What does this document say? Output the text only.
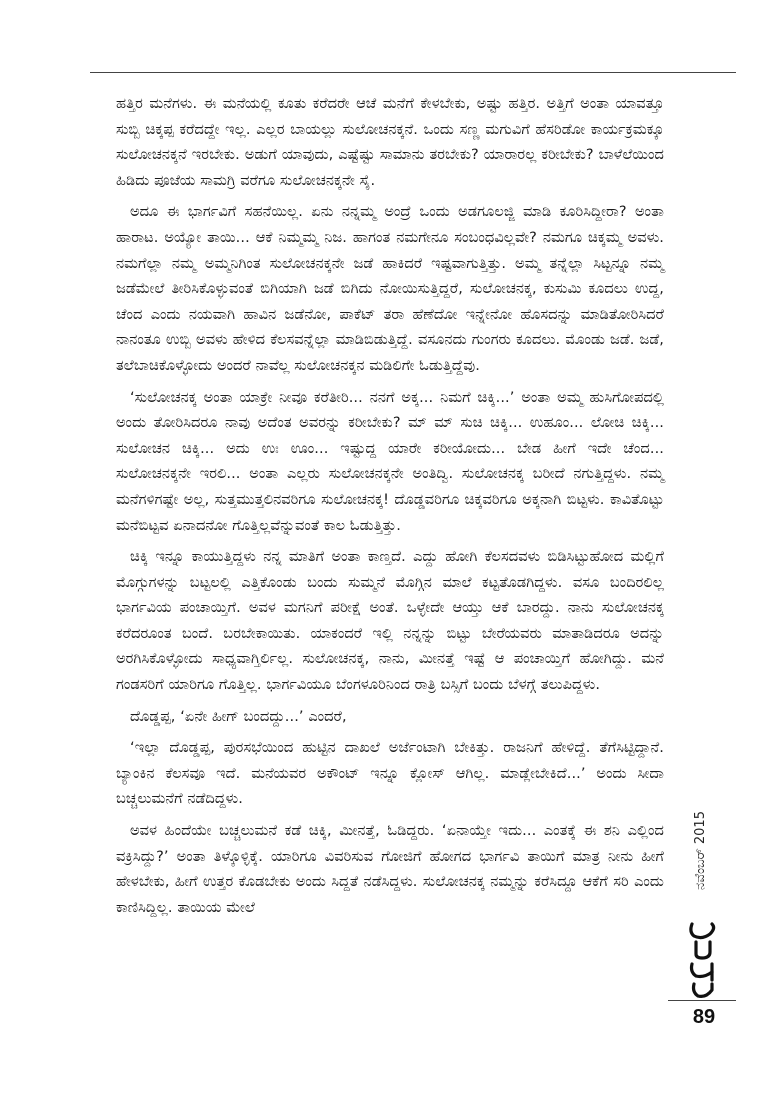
ಹತ್ತಿರ ಮನೆಗಳು. ಈ ಮನೆಯಲ್ಲಿ ಕೂತು ಕರೆದರೇ ಆಚೆ ಮನೆಗೆ ಕೇಳಬೇಕು, ಅಷ್ಟು ಹತ್ತಿರ. ಅತ್ತಿಗೆ ಅಂತಾ ಯಾವತ್ತೂ ಸುಬ್ಬಿ ಚಿಕ್ಕಪ್ಪ ಕರೆದದ್ದೇ ಇಲ್ಲ. ಎಲ್ಲರ ಬಾಯಲ್ಲು ಸುಲೋಚನಕ್ಕನೆ. ಒಂದು ಸಣ್ಣ ಮಗುವಿಗೆ ಹೆಸರಿಡೋ ಕಾರ್ಯಕ್ರಮಕ್ಕೂ ಸುಲೋಚನಕ್ಕನೆ ಇರಬೇಕು. ಅಡುಗೆ ಯಾವುದು, ಎಷ್ಟೆಷ್ಟು ಸಾಮಾನು ತರಬೇಕು? ಯಾರಾರಲ್ಲ ಕರೀಬೇಕು? ಬಾಳೆಲೆಯಿಂದ ಹಿಡಿದು ಪೂಜೆಯ ಸಾಮಗ್ರಿ ವರೆಗೂ ಸುಲೋಚನಕ್ಕನೇ ಸೈ.

ಅದೂ ಈ ಭಾರ್ಗವಿಗೆ ಸಹನೆಯಿಲ್ಲ. ಏನು ನನ್ನಮ್ಮ ಅಂದ್ರೆ ಒಂದು ಅಡಗೂಲಜ್ಜಿ ಮಾಡಿ ಕೂರಿಸಿದ್ದೀರಾ? ಅಂತಾ ಹಾರಾಟ. ಅಯ್ಯೋ ತಾಯಿ... ಆಕೆ ನಿಮ್ಮಮ್ಮ ನಿಜ. ಹಾಗಂತ ನಮಗೇನೂ ಸಂಬಂಧವಿಲ್ಲವೇ? ನಮಗೂ ಚಿಕ್ಕಮ್ಮ ಅವಳು. ನಮಗೆಲ್ಲಾ ನಮ್ಮ ಅಮ್ಮನಿಗಿಂತ ಸುಲೋಚನಕ್ಕನೇ ಜಡೆ ಹಾಕಿದರೆ ಇಷ್ಟವಾಗುತ್ತಿತ್ತು. ಅಮ್ಮ ತನ್ನೆಲ್ಲಾ ಸಿಟ್ಟನ್ನೂ ನಮ್ಮ ಜಡೆಮೇಲೆ ತೀರಿಸಿಕೊಳ್ಳುವಂತೆ ಬಿಗಿಯಾಗಿ ಜಡೆ ಬಿಗಿದು ನೋಯಿಸುತ್ತಿದ್ದರೆ, ಸುಲೋಚನಕ್ಕ, ಕುಸುಮಿ ಕೂದಲು ಉದ್ದ, ಚೆಂದ ಎಂದು ನಯವಾಗಿ ಹಾವಿನ ಜಡೆನೋ, ಪಾಕೆಟ್ ತರಾ ಹೆಣೆದೋ ಇನ್ನೇನೋ ಹೊಸದನ್ನು ಮಾಡಿತೋರಿಸಿದರೆ ನಾನಂತೂ ಉಬ್ಬಿ ಅವಳು ಹೇಳಿದ ಕೆಲಸವನ್ನೆಲ್ಲಾ ಮಾಡಿಬಿಡುತ್ತಿದ್ದೆ. ವಸೂನದು ಗುಂಗರು ಕೂದಲು. ಮೊಂಡು ಜಡೆ. ಜಡೆ, ತಲೆಬಾಚಿಕೊಳ್ಳೋದು ಅಂದರೆ ನಾವೆಲ್ಲ ಸುಲೋಚನಕ್ಕನ ಮಡಿಲಿಗೇ ಓಡುತ್ತಿದ್ದೆವು.

‘ಸುಲೋಚನಕ್ಕ ಅಂತಾ ಯಾಕ್ರೇ ನೀವೂ ಕರೆತೀರಿ... ನನಗೆ ಅಕ್ಕ... ನಿಮಗೆ ಚಿಕ್ಕಿ...’ ಅಂತಾ ಅಮ್ಮ ಹುಸಿಗೋಪದಲ್ಲಿ ಅಂದು ತೋರಿಸಿದರೂ ನಾವು ಅದೆಂತ ಅವರನ್ನು ಕರೀಬೇಕು? ಮ್ ಮ್ ಸುಚಿ ಚಿಕ್ಕಿ... ಉಹೂಂ... ಲೋಚಿ ಚಿಕ್ಕಿ... ಸುಲೋಚನ ಚಿಕ್ಕಿ... ಅದು ಉಃ ಊಂ... ಇಷ್ಟುದ್ದ ಯಾರೇ ಕರೀಯೋದು... ಬೇಡ ಹೀಗೆ ಇದೇ ಚೆಂದ... ಸುಲೋಚನಕ್ಕನೇ ಇರಲಿ... ಅಂತಾ ಎಲ್ಲರು ಸುಲೋಚನಕ್ಕನೇ ಅಂತಿದ್ವಿ. ಸುಲೋಚನಕ್ಕ ಬರೀದೆ ನಗುತ್ತಿದ್ದಳು. ನಮ್ಮ ಮನೆಗಳಿಗಷ್ಟೇ ಅಲ್ಲ, ಸುತ್ತಮುತ್ತಲಿನವರಿಗೂ ಸುಲೋಚನಕ್ಕ! ದೊಡ್ಡವರಿಗೂ ಚಿಕ್ಕವರಿಗೂ ಅಕ್ಕನಾಗಿ ಬಿಟ್ಟಳು. ಕಾವಿತೊಟ್ಟು ಮನೆಬಿಟ್ಟವ ಏನಾದನೋ ಗೊತ್ತಿಲ್ಲವೆನ್ನುವಂತೆ ಕಾಲ ಓಡುತ್ತಿತ್ತು.

ಚಿಕ್ಕಿ ಇನ್ನೂ ಕಾಯುತ್ತಿದ್ದಳು ನನ್ನ ಮಾತಿಗೆ ಅಂತಾ ಕಾಣ್ತದೆ. ಎದ್ದು ಹೋಗಿ ಕೆಲಸದವಳು ಬಿಡಿಸಿಟ್ಟುಹೋದ ಮಲ್ಲಿಗೆ ಮೊಗ್ಗುಗಳನ್ನು ಬಟ್ಟಲಲ್ಲಿ ಎತ್ತಿಕೊಂಡು ಬಂದು ಸುಮ್ಮನೆ ಮೊಗ್ಗಿನ ಮಾಲೆ ಕಟ್ಟತೊಡಗಿದ್ದಳು. ವಸೂ ಬಂದಿರಲಿಲ್ಲ ಭಾರ್ಗವಿಯ ಪಂಚಾಯ್ತಿಗೆ. ಅವಳ ಮಗನಿಗೆ ಪರೀಕ್ಷೆ ಅಂತೆ. ಒಳ್ಳೇದೇ ಆಯ್ತು ಆಕೆ ಬಾರದ್ದು. ನಾನು ಸುಲೋಚನಕ್ಕ ಕರೆದರೂಂತ ಬಂದೆ. ಬರಬೇಕಾಯಿತು. ಯಾಕಂದರೆ ಇಲ್ಲಿ ನನ್ನನ್ನು ಬಿಟ್ಟು ಬೇರೆಯವರು ಮಾತಾಡಿದರೂ ಅದನ್ನು ಅರಗಿಸಿಕೊಳ್ಳೋದು ಸಾಧ್ಯವಾಗ್ತಿರ್ಲಿಲ್ಲ. ಸುಲೋಚನಕ್ಕ, ನಾನು, ಮೀನತ್ತೆ ಇಷ್ಟೆ ಆ ಪಂಚಾಯ್ತಿಗೆ ಹೋಗಿದ್ದು. ಮನೆ ಗಂಡಸರಿಗೆ ಯಾರಿಗೂ ಗೊತ್ತಿಲ್ಲ. ಭಾರ್ಗವಿಯೂ ಬೆಂಗಳೂರಿನಿಂದ ರಾತ್ರಿ ಬಸ್ಸಿಗೆ ಬಂದು ಬೆಳಗ್ಗೆ ತಲುಪಿದ್ದಳು.

ದೊಡ್ಡಪ್ಪ, ‘ಏನೇ ಹೀಗ್ ಬಂದದ್ದು...’ ಎಂದರೆ,

‘ಇಲ್ಲಾ ದೊಡ್ಡಪ್ಪ, ಪುರಸಭೆಯಿಂದ ಹುಟ್ಟಿನ ದಾಖಲೆ ಅರ್ಜೆಂಟಾಗಿ ಬೇಕಿತ್ತು. ರಾಜನಿಗೆ ಹೇಳಿದ್ದೆ. ತೆಗೆಸಿಟ್ಟಿದ್ದಾನೆ. ಬ್ಯಾಂಕಿನ ಕೆಲಸವೂ ಇದೆ. ಮನೆಯವರ ಅಕೌಂಟ್ ಇನ್ನೂ ಕ್ಲೋಸ್ ಆಗಿಲ್ಲ. ಮಾಡ್ಲೇಬೇಕಿದೆ...’ ಅಂದು ಸೀದಾ ಬಚ್ಚಲುಮನೆಗೆ ನಡೆದಿದ್ದಳು.

ಅವಳ ಹಿಂದೆಯೇ ಬಚ್ಚಲುಮನೆ ಕಡೆ ಚಿಕ್ಕಿ, ಮೀನತ್ತೆ, ಓಡಿದ್ದರು. ‘ಏನಾಯ್ತೇ ಇದು... ಎಂತಕ್ಕೆ ಈ ಶನಿ ಎಲ್ಲಿಂದ ವಕ್ರಿಸಿದ್ದು?’ ಅಂತಾ ತಿಳ್ಕೊಳ್ಳಿಕ್ಕೆ. ಯಾರಿಗೂ ವಿವರಿಸುವ ಗೋಜಿಗೆ ಹೋಗದ ಭಾರ್ಗವಿ ತಾಯಿಗೆ ಮಾತ್ರ ನೀನು ಹೀಗೆ ಹೇಳಬೇಕು, ಹೀಗೆ ಉತ್ತರ ಕೊಡಬೇಕು ಅಂದು ಸಿದ್ದತೆ ನಡೆಸಿದ್ದಳು. ಸುಲೋಚನಕ್ಕ ನಮ್ಮನ್ನು ಕರೆಸಿದ್ದೂ ಆಕೆಗೆ ಸರಿ ಎಂದು ಕಾಣಿಸಿದ್ದಿಲ್ಲ. ತಾಯಿಯ ಮೇಲೆ

ನವೆಂಬರ್ 2015
89
